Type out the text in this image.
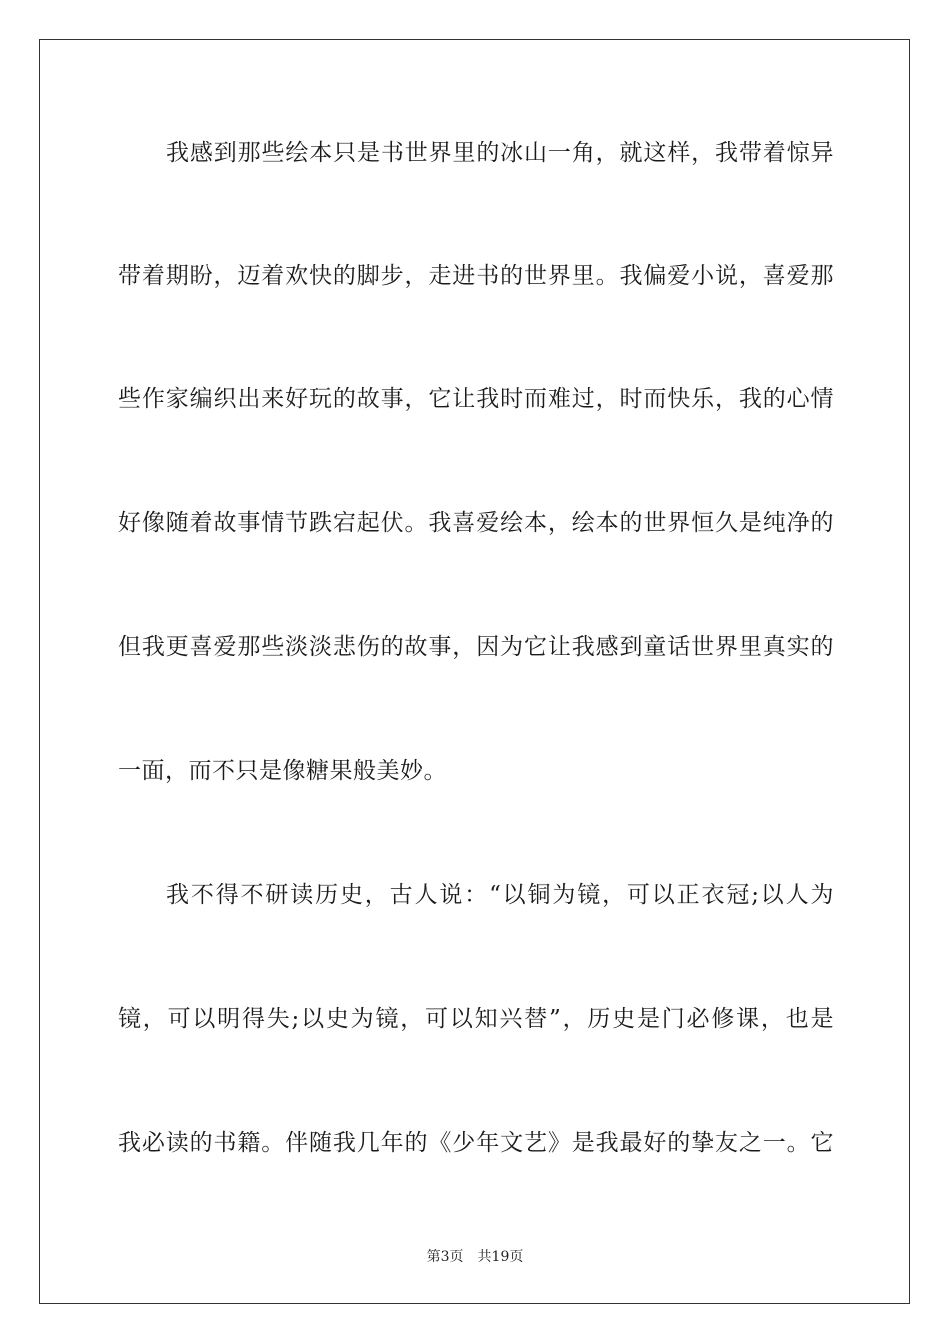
我感到那些绘本只是书世界里的冰山一角，就这样，我带着惊异
带着期盼，迈着欢快的脚步，走进书的世界里。我偏爱小说，喜爱那
些作家编织出来好玩的故事，它让我时而难过，时而快乐，我的心情
好像随着故事情节跌宕起伏。我喜爱绘本，绘本的世界恒久是纯净的
但我更喜爱那些淡淡悲伤的故事，因为它让我感到童话世界里真实的
一面，而不只是像糖果般美妙。
我不得不研读历史，古人说：“以铜为镜，可以正衣冠;以人为
镜，可以明得失;以史为镜，可以知兴替”，历史是门必修课，也是
我必读的书籍。伴随我几年的《少年文艺》是我最好的挚友之一。它
第3页 共19页
